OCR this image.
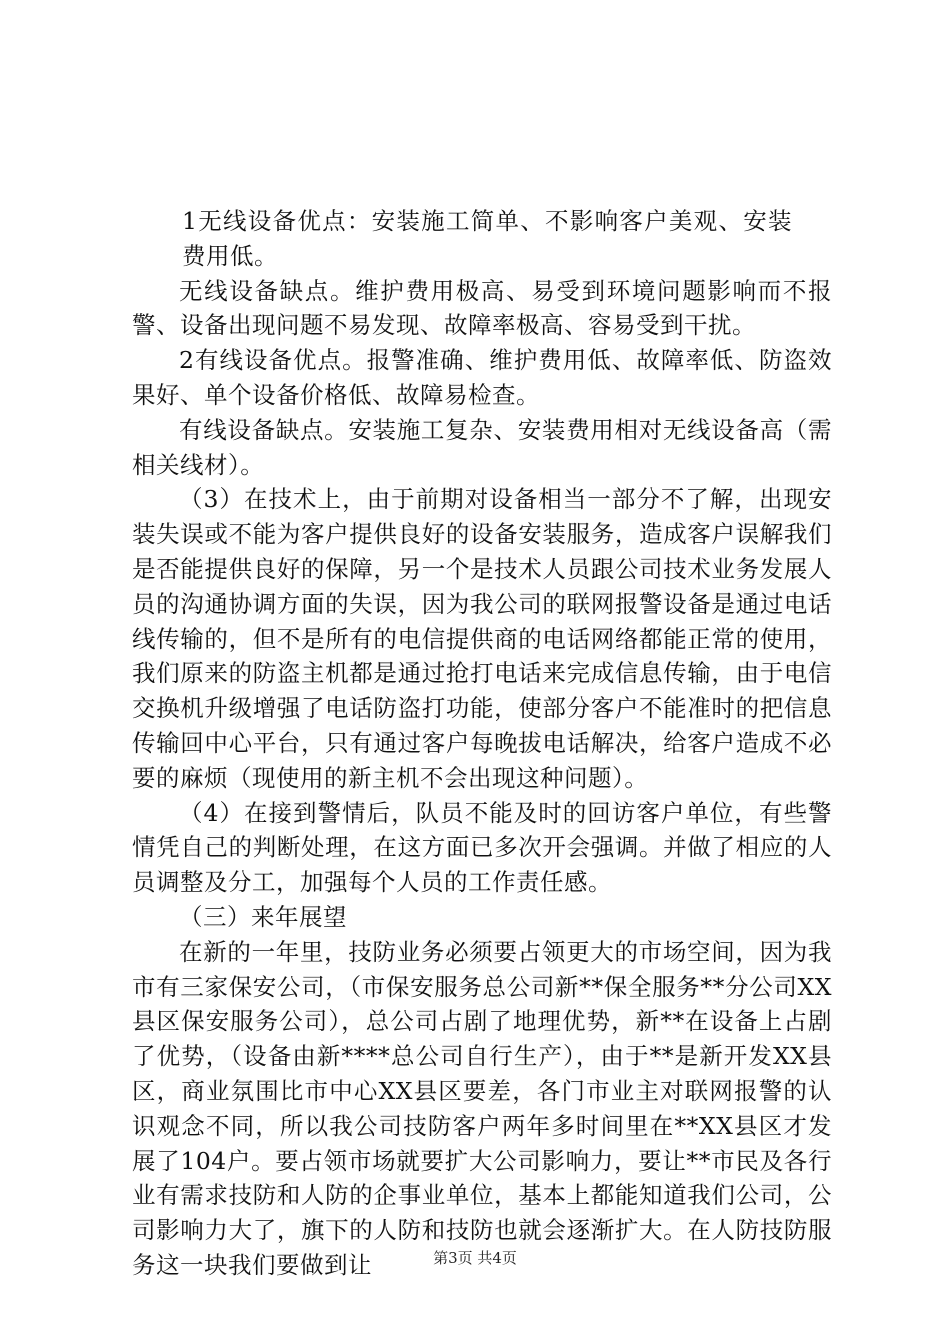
1无线设备优点：安装施工简单、不影响客户美观、安装费用低。

无线设备缺点。维护费用极高、易受到环境问题影响而不报警、设备出现问题不易发现、故障率极高、容易受到干扰。

2有线设备优点。报警准确、维护费用低、故障率低、防盗效果好、单个设备价格低、故障易检查。

有线设备缺点。安装施工复杂、安装费用相对无线设备高（需相关线材）。

（3）在技术上，由于前期对设备相当一部分不了解，出现安装失误或不能为客户提供良好的设备安装服务，造成客户误解我们是否能提供良好的保障，另一个是技术人员跟公司技术业务发展人员的沟通协调方面的失误，因为我公司的联网报警设备是通过电话线传输的，但不是所有的电信提供商的电话网络都能正常的使用，我们原来的防盗主机都是通过抢打电话来完成信息传输，由于电信交换机升级增强了电话防盗打功能，使部分客户不能准时的把信息传输回中心平台，只有通过客户每晚拔电话解决，给客户造成不必要的麻烦（现使用的新主机不会出现这种问题）。

（4）在接到警情后，队员不能及时的回访客户单位，有些警情凭自己的判断处理，在这方面已多次开会强调。并做了相应的人员调整及分工，加强每个人员的工作责任感。

（三）来年展望

在新的一年里，技防业务必须要占领更大的市场空间，因为我市有三家保安公司，（市保安服务总公司新**保全服务**分公司XX县区保安服务公司），总公司占剧了地理优势，新**在设备上占剧了优势，（设备由新****总公司自行生产），由于**是新开发XX县区，商业氛围比市中心XX县区要差，各门市业主对联网报警的认识观念不同，所以我公司技防客户两年多时间里在**XX县区才发展了104户。要占领市场就要扩大公司影响力，要让**市民及各行业有需求技防和人防的企事业单位，基本上都能知道我们公司，公司影响力大了，旗下的人防和技防也就会逐渐扩大。在人防技防服务这一块我们要做到让	第3页 共4页
